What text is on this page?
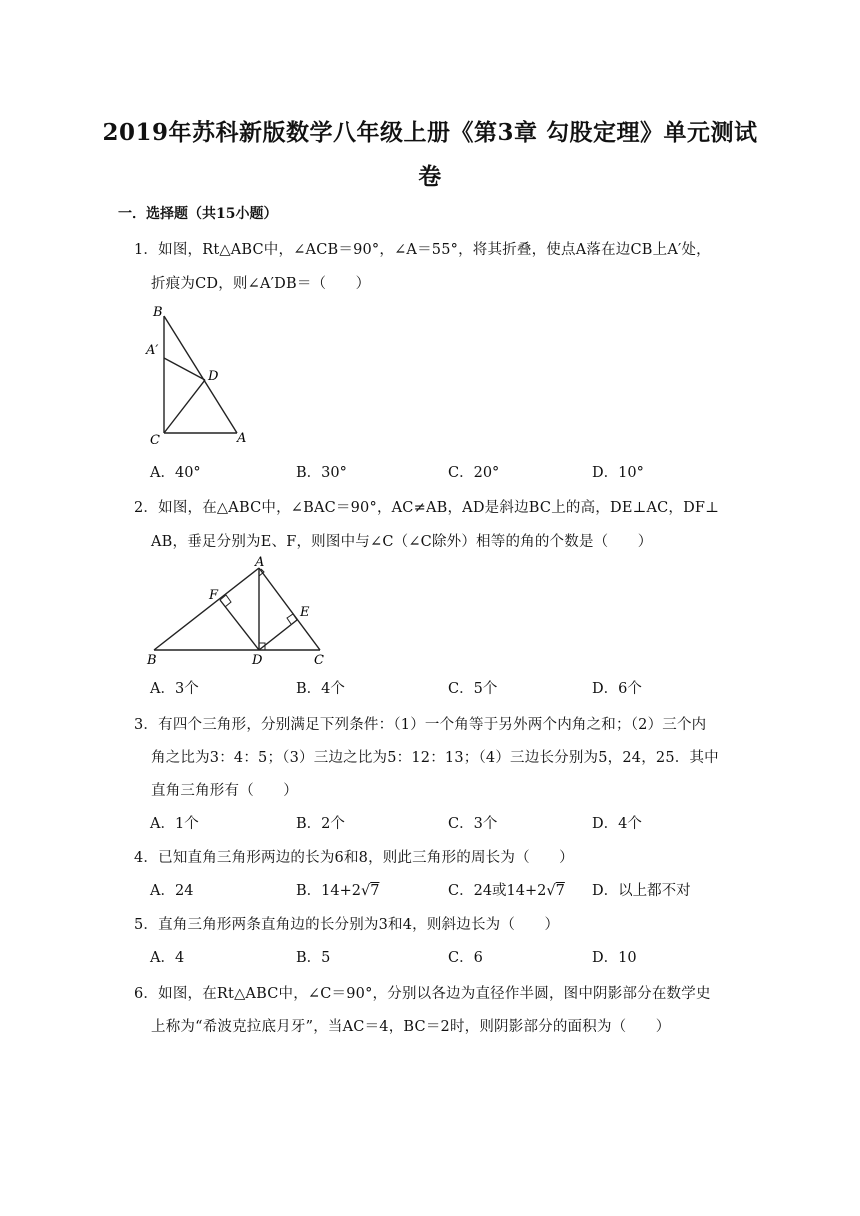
2019年苏科新版数学八年级上册《第3章 勾股定理》单元测试
卷
一．选择题（共15小题）
1．如图，Rt△ABC中，∠ACB＝90°，∠A＝55°，将其折叠，使点A落在边CB上A′处，
折痕为CD，则∠A′DB＝（　　）
B
A′
D
C	A
A．40°	B．30°	C．20°	D．10°
2．如图，在△ABC中，∠BAC＝90°，AC≠AB，AD是斜边BC上的高，DE⊥AC，DF⊥
AB，垂足分别为E、F，则图中与∠C（∠C除外）相等的角的个数是（　　）
A
F
E
B	D	C
A．3个	B．4个	C．5个	D．6个
3．有四个三角形，分别满足下列条件：（1）一个角等于另外两个内角之和；（2）三个内
角之比为3：4：5；（3）三边之比为5：12：13；（4）三边长分别为5，24，25．其中
直角三角形有（　　）
A．1个	B．2个	C．3个	D．4个
4．已知直角三角形两边的长为6和8，则此三角形的周长为（　　）
A．24	B．14+2√7	C．24或14+2√7 D．以上都不对
5．直角三角形两条直角边的长分别为3和4，则斜边长为（　　）
A．4	B．5	C．6	D．10
6．如图，在Rt△ABC中，∠C＝90°，分别以各边为直径作半圆，图中阴影部分在数学史
上称为“希波克拉底月牙”，当AC＝4，BC＝2时，则阴影部分的面积为（　　）
